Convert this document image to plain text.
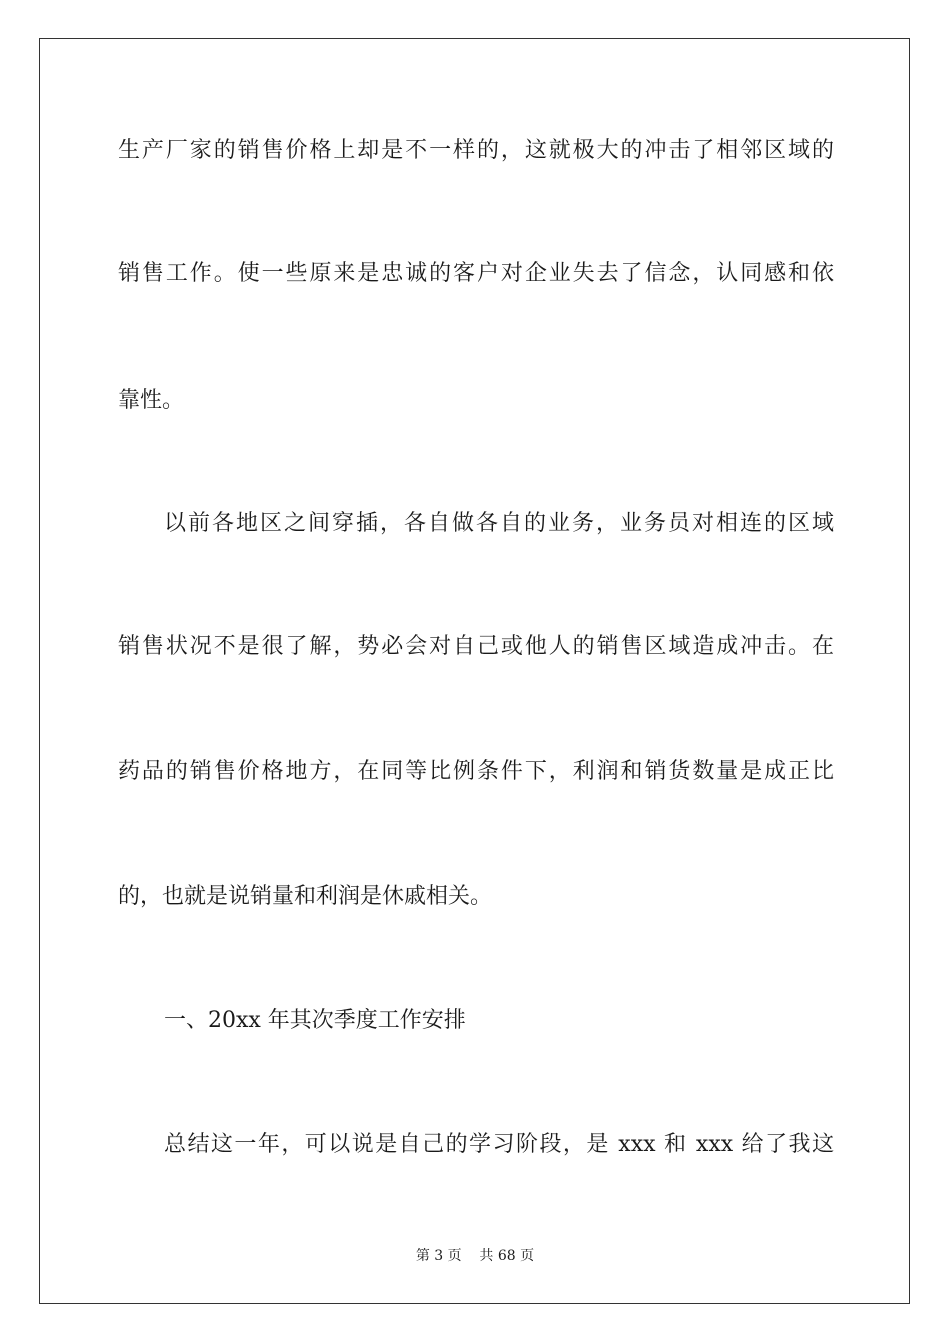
生产厂家的销售价格上却是不一样的，这就极大的冲击了相邻区域的
销售工作。使一些原来是忠诚的客户对企业失去了信念，认同感和依
靠性。
以前各地区之间穿插，各自做各自的业务，业务员对相连的区域
销售状况不是很了解，势必会对自己或他人的销售区域造成冲击。在
药品的销售价格地方，在同等比例条件下，利润和销货数量是成正比
的，也就是说销量和利润是休戚相关。
一、20xx 年其次季度工作安排
总结这一年，可以说是自己的学习阶段，是 xxx 和 xxx 给了我这
第 3 页    共 68 页
